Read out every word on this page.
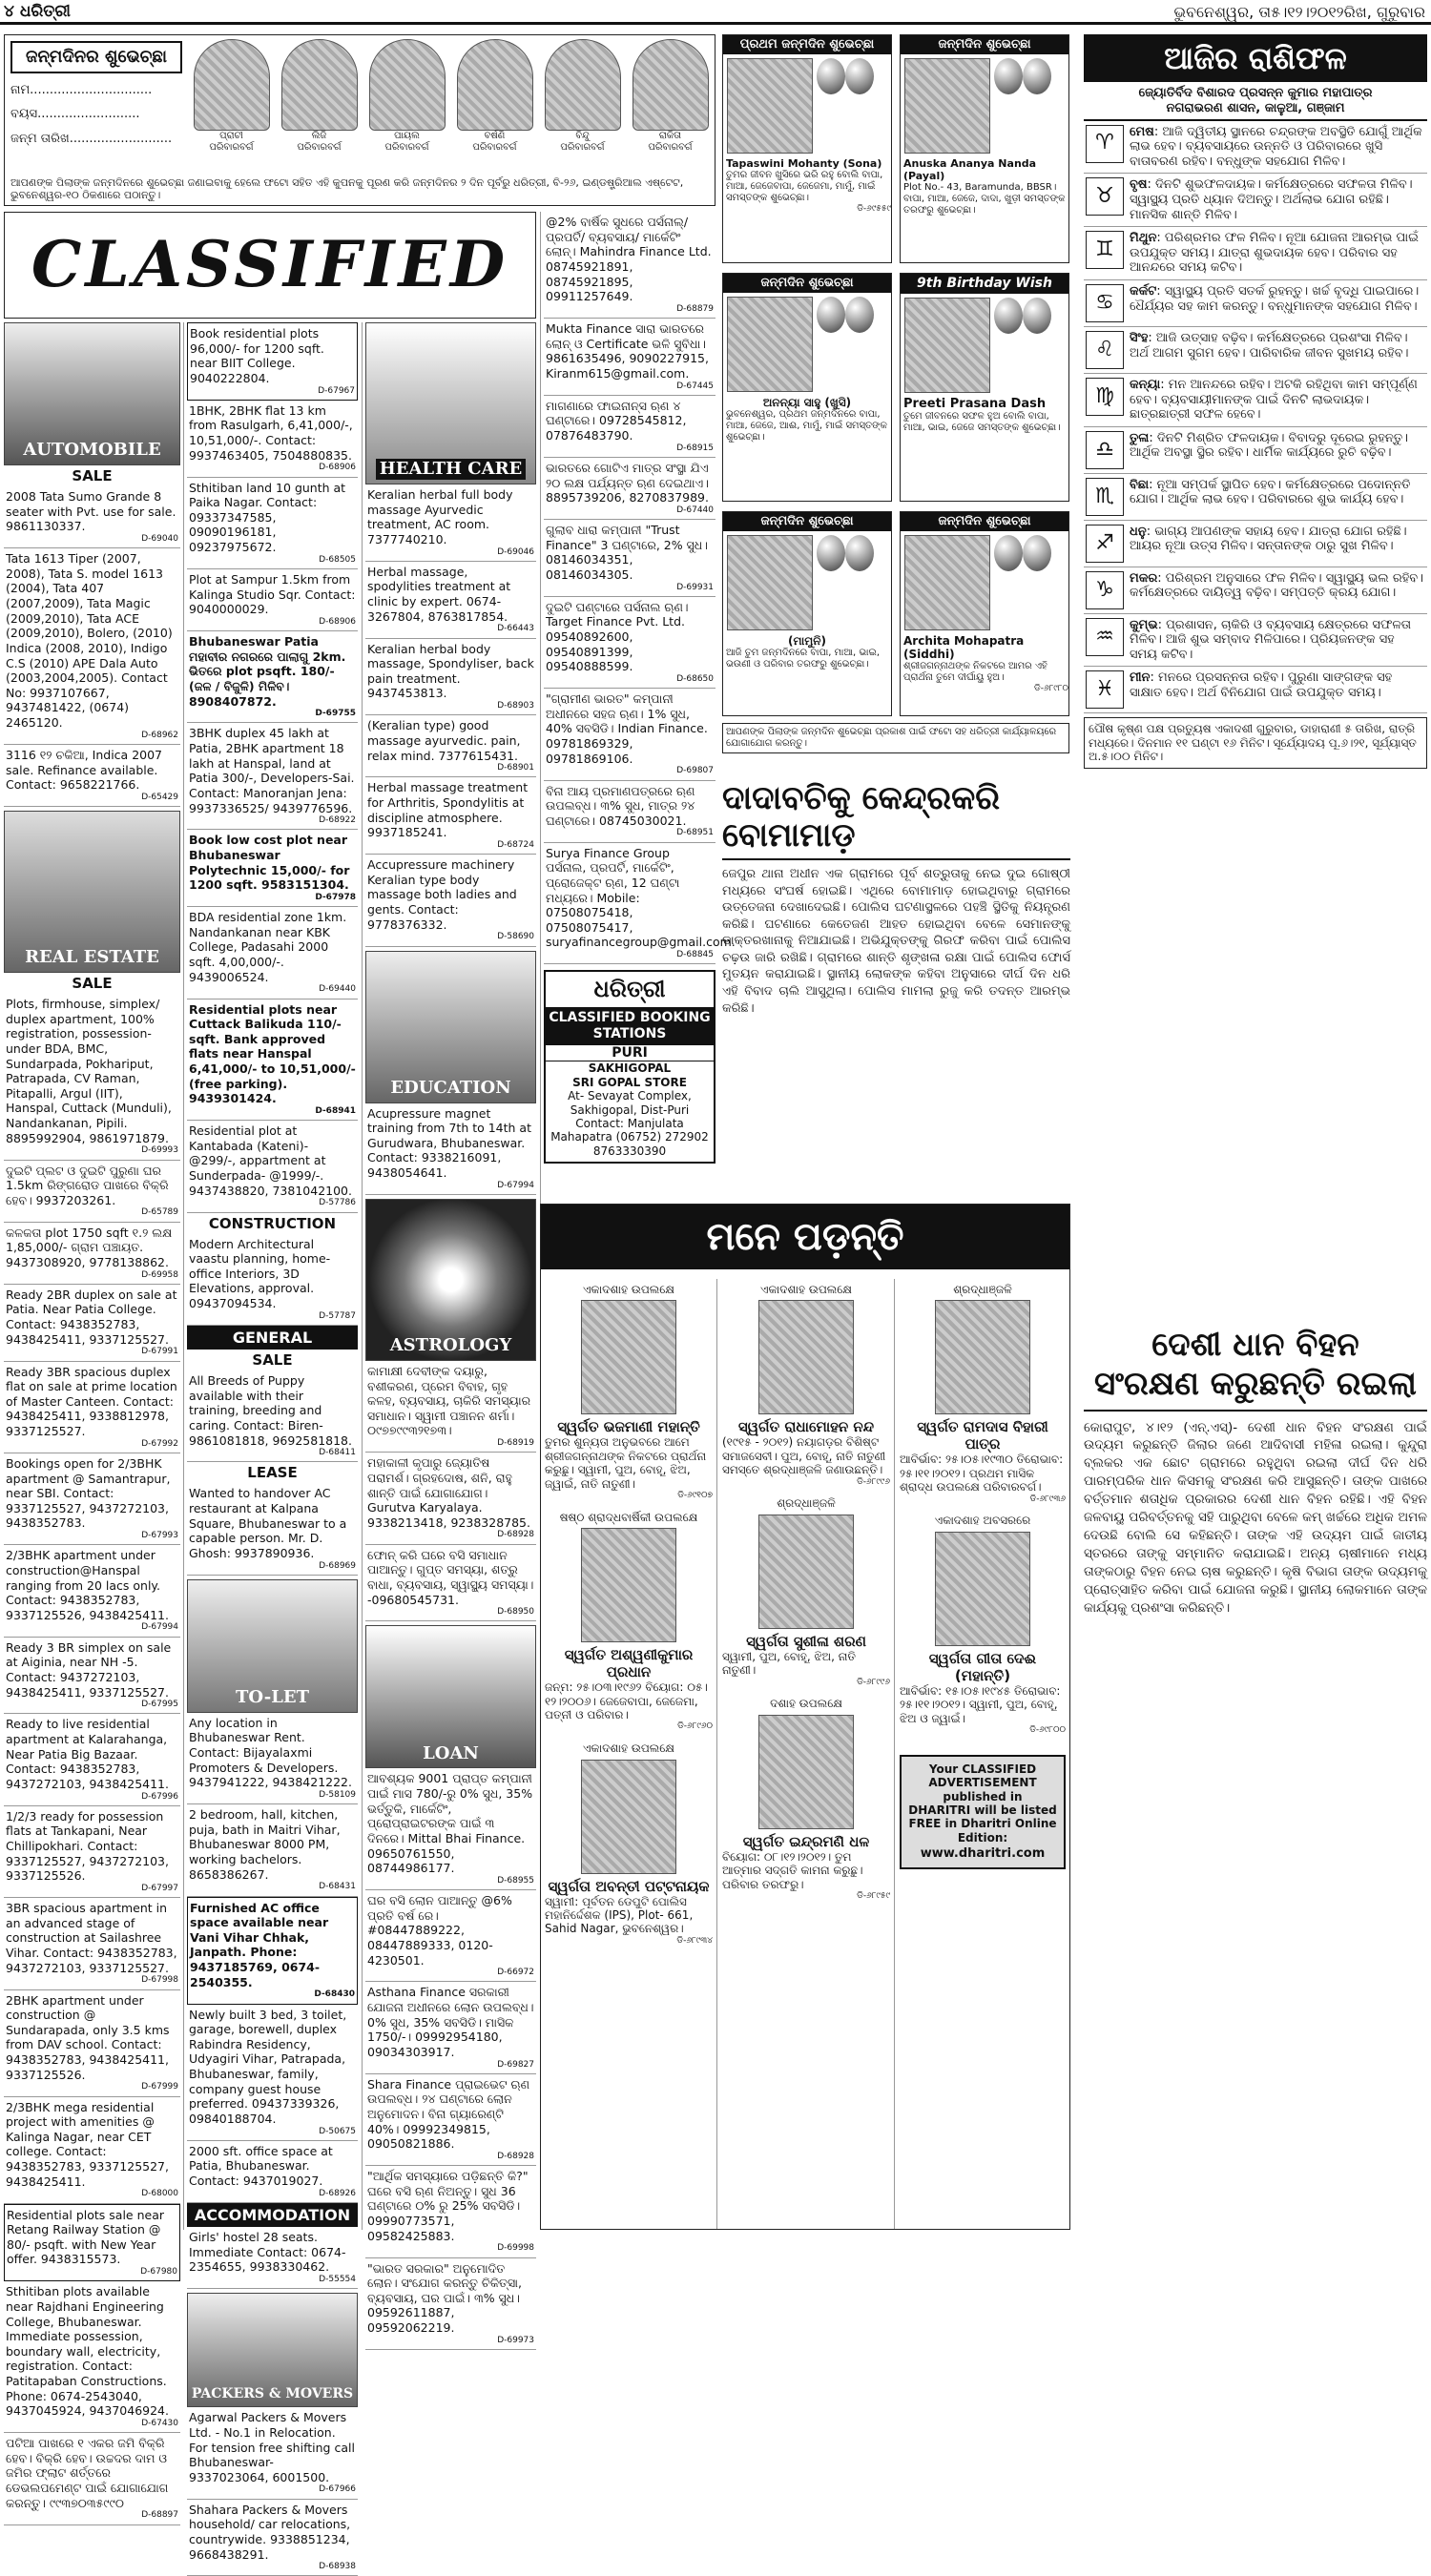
୪ ଧରିତ୍ରୀ	ଭୁବନେଶ୍ୱର, ତା୫।୧୨।୨୦୧୨ରିଖ, ଗୁରୁବାର
ଜନ୍ମଦିନର ଶୁଭେଚ୍ଛା
ନାମ...............................
ବୟସ..........................
ଜନ୍ମ ତାରିଖ..........................	ପ୍ରାଚୀ
ପରିବାରବର୍ଗ
ଲିଜି
ପରିବାରବର୍ଗ
ପାୟଲ
ପରିବାରବର୍ଗ
ବର୍ଷଣି
ପରିବାରବର୍ଗ
ବିନ୍ଦୁ
ପରିବାରବର୍ଗ
ରାକିତା
ପରିବାରବର୍ଗ
ଆପଣଙ୍କ ପିଲାଙ୍କ ଜନ୍ମଦିନରେ ଶୁଭେଚ୍ଛା ଜଣାଇବାକୁ ହେଲେ ଫଟୋ ସହିତ ଏହି କୁପନକୁ ପୂରଣ କରି ଜନ୍ମଦିନର ୨ ଦିନ ପୂର୍ବରୁ ଧରିତ୍ରୀ, ବି-୨୬, ଇଣ୍ଡଷ୍ଟ୍ରିଆଲ ଏଷ୍ଟେଟ, ଭୁବନେଶ୍ୱର-୧୦ ଠିକଣାରେ ପଠାନ୍ତୁ।
CLASSIFIED
AUTOMOBILE
SALE
2008 Tata Sumo Grande 8 seater with Pvt. use for sale. 9861130337.
D-69040
Tata 1613 Tiper (2007, 2008), Tata S. model 1613 (2004), Tata 407 (2007,2009), Tata Magic (2009,2010), Tata ACE (2009,2010), Bolero, (2010) Indica (2008, 2010), Indigo C.S (2010) APE Dala Auto (2003,2004,2005). Contact No: 9937107667, 9437481422, (0674) 2465120.
D-68962
3116 ୧୨ ଚକିଆ, Indica 2007 sale. Refinance available. Contact: 9658221766.
D-65429
REAL ESTATE
SALE
Plots, firmhouse, simplex/ duplex apartment, 100% registration, possession- under BDA, BMC, Sundarpada, Pokhariput, Patrapada, CV Raman, Pitapalli, Argul (IIT), Hanspal, Cuttack (Munduli), Nandankanan, Pipili. 8895992904, 9861971879.
D-69993
ଦୁଇଟି ପ୍ଲଟ ଓ ଦୁଇଟି ପୁରୁଣା ଘର 1.5km ରିଙ୍ଗରୋଡ ପାଖରେ ବିକ୍ରି ହେବ। 9937203261.
D-65789
କଳକତା plot 1750 sqft ୧.୨ ଲକ୍ଷ 1,85,000/- ଗ୍ରାମ ପଞ୍ଚାୟତ. 9437308920, 9778138862.
D-69958
Ready 2BR duplex on sale at Patia. Near Patia College. Contact: 9438352783, 9438425411, 9337125527.
D-67991
Ready 3BR spacious duplex flat on sale at prime location of Master Canteen. Contact: 9438425411, 9338812978, 9337125527.
D-67992
Bookings open for 2/3BHK apartment @ Samantrapur, near SBI. Contact: 9337125527, 9437272103, 9438352783.
D-67993
2/3BHK apartment under construction@Hanspal ranging from 20 lacs only. Contact: 9438352783, 9337125526, 9438425411.
D-67994
Ready 3 BR simplex on sale at Aiginia, near NH -5. Contact: 9437272103, 9438425411, 9337125527.
D-67995
Ready to live residential apartment at Kalarahanga, Near Patia Big Bazaar. Contact: 9438352783, 9437272103, 9438425411.
D-67996
1/2/3 ready for possession flats at Tankapani, Near Chillipokhari. Contact: 9337125527, 9437272103, 9337125526.
D-67997
3BR spacious apartment in an advanced stage of construction at Sailashree Vihar. Contact: 9438352783, 9437272103, 9337125527.
D-67998
2BHK apartment under construction @ Sundarapada, only 3.5 kms from DAV school. Contact: 9438352783, 9438425411, 9337125526.
D-67999
2/3BHK mega residential project with amenities @ Kalinga Nagar, near CET college. Contact: 9438352783, 9337125527, 9438425411.
D-68000
Residential plots sale near Retang Railway Station @ 80/- psqft. with New Year offer. 9438315573.
D-67980
Sthitiban plots available near Rajdhani Engineering College, Bhubaneswar. Immediate possession, boundary wall, electricity, registration. Contact: Patitapaban Constructions. Phone: 0674-2543040, 9437045924, 9437046924.
D-67430
ପଟିଆ ପାଖରେ ୧ ଏକର ଜମି ବିକ୍ରି ହେବ। ବିକ୍ରି ହେବ। ଉଚ୍ଚଦର ଦାମ ଓ ଜମିର ଫ୍ଲାଟ ଶର୍ତ୍ତରେ ଡେଭଲପମେଣ୍ଟ ପାଇଁ ଯୋଗାଯୋଗ କରନ୍ତୁ। ୯୯୩୭୦୩୫୯୯୦
D-68897
Book residential plots 96,000/- for 1200 sqft. near BIIT College. 9040222804.
D-67967
1BHK, 2BHK flat 13 km from Rasulgarh, 6,41,000/-, 10,51,000/-. Contact: 9937463405, 7504880835.
D-68906
Sthitiban land 10 gunth at Paika Nagar. Contact: 09337347585, 09090196181, 09237975672.
D-68505
Plot at Sampur 1.5km from Kalinga Studio Sqr. Contact: 9040000029.
D-68906
Bhubaneswar Patia ମହାବୀର ନଗରରେ ପାଲାଗୁ 2km. ଭିତରେ plot psqft. 180/- (ଜଳ / ବିଜୁଳି) ମିଳିବ। 8908407872.
D-69755
3BHK duplex 45 lakh at Patia, 2BHK apartment 18 lakh at Hanspal, land at Patia 300/-, Developers-Sai. Contact: Manoranjan Jena: 9937336525/ 9439776596.
D-68922
Book low cost plot near Bhubaneswar Polytechnic 15,000/- for 1200 sqft. 9583151304.
D-67978
BDA residential zone 1km. Nandankanan near KBK College, Padasahi 2000 sqft. 4,00,000/-. 9439006524.
D-69440
Residential plots near Cuttack Balikuda 110/- sqft. Bank approved flats near Hanspal 6,41,000/- to 10,51,000/- (free parking). 9439301424.
D-68941
Residential plot at Kantabada (Kateni)- @299/-, appartment at Sunderpada- @1999/-. 9437438820, 7381042100.
D-57786
CONSTRUCTION
Modern Architectural vaastu planning, home-office Interiors, 3D Elevations, approval. 09437094534.
D-57787
GENERAL
SALE
All Breeds of Puppy available with their training, breeding and caring. Contact: Biren-9861081818, 9692581818.
D-68411
LEASE
Wanted to handover AC restaurant at Kalpana Square, Bhubaneswar to a capable person. Mr. D. Ghosh: 9937890936.
D-68969
TO-LET
Any location in Bhubaneswar Rent. Contact: Bijayalaxmi Promoters & Developers. 9437941222, 9438421222.
D-58109
2 bedroom, hall, kitchen, puja, bath in Maitri Vihar, Bhubaneswar 8000 PM, working bachelors. 8658386267.
D-68431
Furnished AC office space available near Vani Vihar Chhak, Janpath. Phone: 9437185769, 0674-2540355.
D-68430
Newly built 3 bed, 3 toilet, garage, borewell, duplex Rabindra Residency, Udyagiri Vihar, Patrapada, Bhubaneswar, family, company guest house preferred. 09437339326, 09840188704.
D-50675
2000 sft. office space at Patia, Bhubaneswar. Contact: 9437019027.
D-68926
ACCOMMODATION
Girls' hostel 28 seats. Immediate Contact: 0674-2354655, 9938330462.
D-55554
PACKERS & MOVERS
Agarwal Packers & Movers Ltd. - No.1 in Relocation. For tension free shifting call Bhubaneswar- 9337023064, 6001500.
D-67966
Shahara Packers & Movers household/ car relocations, countrywide. 9338851234, 9668438291.
D-68938
HEALTH CARE
Keralian herbal full body massage Ayurvedic treatment, AC room. 7377740210.
D-69046
Herbal massage, spodylities treatment at clinic by expert. 0674-3267804, 8763817854.
D-66443
Keralian herbal body massage, Spondyliser, back pain treatment. 9437453813.
D-68903
(Keralian type) good massage ayurvedic. pain, relax mind. 7377615431.
D-68901
Herbal massage treatment for Arthritis, Spondylitis at discipline atmosphere. 9937185241.
D-68724
Accupressure machinery Keralian type body massage both ladies and gents. Contact: 9778376332.
D-58690
EDUCATION
Acupressure magnet training from 7th to 14th at Gurudwara, Bhubaneswar. Contact: 9338216091, 9438054641.
D-67994
ASTROLOGY
କାମାକ୍ଷୀ ଦେବୀଙ୍କ ଦୟାରୁ, ବଶୀକରଣ, ପ୍ରେମ ବିବାହ, ଗୃହ କଳହ, ବ୍ୟବସାୟ, ଚାକିରି ସମସ୍ୟାର ସମାଧାନ। ସ୍ୱାମୀ ପଞ୍ଚାନନ ଶର୍ମା। ୦୯୭୭୯୯୩୨୧୭୩।
D-68919
ମହାକାଳୀ କୃପାରୁ ଜ୍ୟୋତିଷ ପରାମର୍ଶ। ଗ୍ରହଦୋଷ, ଶନି, ରାହୁ ଶାନ୍ତି ପାଇଁ ଯୋଗାଯୋଗ। Gurutva Karyalaya. 9338213418, 9238328785.
D-68928
ଫୋନ୍ କରି ଘରେ ବସି ସମାଧାନ ପାଆନ୍ତୁ। ଗୁପ୍ତ ସମସ୍ୟା, ଶତ୍ରୁ ବାଧା, ବ୍ୟବସାୟ, ସ୍ୱାସ୍ଥ୍ୟ ସମସ୍ୟା। -09680545731.
D-68950
LOAN
ଆବଶ୍ୟକ 9001 ପ୍ରାପ୍ତ କମ୍ପାନୀ ପାଇଁ ମାସ 780/-ରୁ 0% ସୁଧ, 35% ଭର୍ତ୍ତୁକି, ମାର୍କେଟିଂ, ପ୍ରୋପ୍ରାଇଟରଙ୍କ ପାଇଁ ୩ ଦିନରେ। Mittal Bhai Finance. 09650761550, 08744986177.
D-68955
ଘର ବସି ଲୋନ ପାଆନ୍ତୁ @6% ପ୍ରତି ବର୍ଷ ରେ। #08447889222, 08447889333, 0120-4230501.
D-66972
Asthana Finance ସରକାରୀ ଯୋଜନା ଅଧୀନରେ ଲୋନ ଉପଲବ୍ଧ। 0% ସୁଧ, 35% ସବସିଡି। ମାସିକ 1750/-। 09992954180, 09034303917.
D-69827
Shara Finance ପ୍ରାଇଭେଟ ଋଣ ଉପଲବ୍ଧ। ୨୪ ଘଣ୍ଟାରେ ଲୋନ ଅନୁମୋଦନ। ବିନା ଗ୍ୟାରେଣ୍ଟି 40%। 09992349815, 09050821886.
D-68928
"ଆର୍ଥିକ ସମସ୍ୟାରେ ପଡ଼ିଛନ୍ତି କି?" ଘରେ ବସି ଋଣ ନିଅନ୍ତୁ। ସୁଧ 36 ଘଣ୍ଟାରେ ୦% ରୁ 25% ସବସିଡି। 09990773571, 09582425883.
D-69998
"ଭାରତ ସରକାର" ଅନୁମୋଦିତ ଲୋନ। ସଂଯୋଗ କରନ୍ତୁ ଚିକିତ୍ସା, ବ୍ୟବସାୟ, ଘର ପାଇଁ। ୩% ସୁଧ। 09592611887, 09592062219.
D-69973
@2% ବାର୍ଷିକ ସୁଧରେ ପର୍ସନାଲ୍/ ପ୍ରପର୍ଟି/ ବ୍ୟବସାୟ/ ମାର୍କେଟିଂ ଲୋନ୍। Mahindra Finance Ltd. 08745921891, 08745921895, 09911257649.
D-68879
Mukta Finance ସାରା ଭାରତରେ ଲୋନ୍ ଓ Certificate ଭଳି ସୁବିଧା। 9861635496, 9090227915, Kiranm615@gmail.com.
D-67445
ମାଗଣାରେ ଫାଇନାନ୍ସ ଋଣ ୪ ଘଣ୍ଟାରେ। 09728545812, 07876483790.
D-68915
ଭାରତରେ ଗୋଟିଏ ମାତ୍ର ସଂସ୍ଥା ଯିଏ ୨୦ ଲକ୍ଷ ପର୍ଯ୍ୟନ୍ତ ଋଣ ଦେଇଥାଏ। 8895739206, 8270837989.
D-67440
ଗୁଲାବ ଧାରା କମ୍ପାନୀ "Trust Finance" 3 ଘଣ୍ଟାରେ, 2% ସୁଧ। 08146034351, 08146034305.
D-69931
ଦୁଇଟି ଘଣ୍ଟାରେ ପର୍ସନାଲ ଋଣ। Target Finance Pvt. Ltd. 09540892600, 09540891399, 09540888599.
D-68650
"ଗ୍ରାମୀଣ ଭାରତ" କମ୍ପାନୀ ଅଧୀନରେ ସହଜ ଋଣ। 1% ସୁଧ, 40% ସବସିଡି। Indian Finance. 09781869329, 09781869106.
D-69807
ବିନା ଆୟ ପ୍ରମାଣପତ୍ରରେ ଋଣ ଉପଲବ୍ଧ। ୩% ସୁଧ, ମାତ୍ର ୨୪ ଘଣ୍ଟାରେ। 08745030021.
D-68951
Surya Finance Group ପର୍ସନାଲ, ପ୍ରପର୍ଟି, ମାର୍କେଟିଂ, ପ୍ରୋଜେକ୍ଟ ଋଣ, 12 ଘଣ୍ଟା ମଧ୍ୟରେ। Mobile: 07508075418, 07508075417, suryafinancegroup@gmail.com.
D-68845
ଧରିତ୍ରୀ
CLASSIFIED BOOKING STATIONS
PURI
SAKHIGOPAL
SRI GOPAL STORE
At- Sevayat Complex, Sakhigopal, Dist-Puri
Contact: Manjulata Mahapatra (06752) 272902
8763330390
ପ୍ରଥମ ଜନ୍ମଦିନ ଶୁଭେଚ୍ଛା
Tapaswini Mohanty (Sona)
ତୁମର ଜୀବନ ଖୁସିରେ ଭରି ରହୁ ବୋଲି ବାପା, ମାଆ, ଜେଜେବାପା, ଜେଜେମା, ମାମୁଁ, ମାଇଁ ସମସ୍ତଙ୍କ ଶୁଭେଚ୍ଛା।
ଡି-୬୯୫୫୯
ଜନ୍ମଦିନ ଶୁଭେଚ୍ଛା
Anuska Ananya Nanda (Payal)
Plot No.- 43, Baramunda, BBSR। ବାପା, ମାଆ, ଜେଜେ, ଦାଦା, ଖୁଡ଼ୀ ସମସ୍ତଙ୍କ ତରଫରୁ ଶୁଭେଚ୍ଛା।
ଜନ୍ମଦିନ ଶୁଭେଚ୍ଛା
ଅନନ୍ୟା ସାହୁ (ଖୁସି)
ଭୁବନେଶ୍ୱର, ପ୍ରଥମ ଜନ୍ମଦିନରେ ବାପା, ମାଆ, ଜେଜେ, ଆଈ, ମାମୁଁ, ମାଇଁ ସମସ୍ତଙ୍କ ଶୁଭେଚ୍ଛା।
9th Birthday Wish
Preeti Prasana Dash
ତୁମେ ଜୀବନରେ ସଫଳ ହୁଅ ବୋଲି ବାପା, ମାଆ, ଭାଇ, ଜେଜେ ସମସ୍ତଙ୍କ ଶୁଭେଚ୍ଛା।
ଜନ୍ମଦିନ ଶୁଭେଚ୍ଛା
(ମାମୁନି)
ଆଜି ତୁମ ଜନ୍ମଦିନରେ ବାପା, ମାଆ, ଭାଇ, ଭଉଣୀ ଓ ପରିବାର ତରଫରୁ ଶୁଭେଚ୍ଛା।
ଜନ୍ମଦିନ ଶୁଭେଚ୍ଛା
Archita Mohapatra (Siddhi)
ଶ୍ରୀଜଗନ୍ନାଥଙ୍କ ନିକଟରେ ଆମର ଏହି ପ୍ରାର୍ଥନା ତୁମେ ଦୀର୍ଘାୟୁ ହୁଅ।
ଡି-୬୮୯୮୦
ଆପଣଙ୍କ ପିଲାଙ୍କ ଜନ୍ମଦିନ ଶୁଭେଚ୍ଛା ପ୍ରକାଶ ପାଇଁ ଫଟୋ ସହ ଧରିତ୍ରୀ କାର୍ଯ୍ୟାଳୟରେ ଯୋଗାଯୋଗ କରନ୍ତୁ।
ଦାଦାବଚିକୁ କେନ୍ଦ୍ରକରି ବୋମାମାଡ଼
ଜେପୁର ଥାନା ଅଧୀନ ଏକ ଗ୍ରାମରେ ପୂର୍ବ ଶତ୍ରୁତାକୁ ନେଇ ଦୁଇ ଗୋଷ୍ଠୀ ମଧ୍ୟରେ ସଂଘର୍ଷ ହୋଇଛି। ଏଥିରେ ବୋମାମାଡ଼ ହୋଇଥିବାରୁ ଗ୍ରାମରେ ଉତ୍ତେଜନା ଦେଖାଦେଇଛି। ପୋଲିସ ଘଟଣାସ୍ଥଳରେ ପହଞ୍ଚି ସ୍ଥିତିକୁ ନିୟନ୍ତ୍ରଣ କରିଛି। ଘଟଣାରେ କେତେଜଣ ଆହତ ହୋଇଥିବା ବେଳେ ସେମାନଙ୍କୁ ଡାକ୍ତରଖାନାକୁ ନିଆଯାଇଛି। ଅଭିଯୁକ୍ତଙ୍କୁ ଗିରଫ କରିବା ପାଇଁ ପୋଲିସ ଚଢ଼ଉ ଜାରି ରଖିଛି। ଗ୍ରାମରେ ଶାନ୍ତି ଶୃଙ୍ଖଳା ରକ୍ଷା ପାଇଁ ପୋଲିସ ଫୋର୍ସ ମୁତୟନ କରାଯାଇଛି। ସ୍ଥାନୀୟ ଲୋକଙ୍କ କହିବା ଅନୁସାରେ ଦୀର୍ଘ ଦିନ ଧରି ଏହି ବିବାଦ ଚାଲି ଆସୁଥିଲା। ପୋଲିସ ମାମଲା ରୁଜୁ କରି ତଦନ୍ତ ଆରମ୍ଭ କରିଛି।
ମନେ ପଡ଼ନ୍ତି
ଏକାଦଶାହ ଉପଲକ୍ଷେ
ସ୍ୱର୍ଗତ ଭଜମାଣୀ ମହାନ୍ତି
ତୁମର ଶୁନ୍ୟତା ଅନୁଭବରେ ଆମେ ଶ୍ରୀଜଗନ୍ନାଥଙ୍କ ନିକଟରେ ପ୍ରାର୍ଥନା କରୁଛୁ। ସ୍ୱାମୀ, ପୁଅ, ବୋହୂ, ଝିଅ, ଜ୍ୱାଇଁ, ନାତି ନାତୁଣୀ।
ଡି-୬୯୧୦୭
ଷଷ୍ଠ ଶ୍ରାଦ୍ଧବାର୍ଷିକୀ ଉପଲକ୍ଷେ
ସ୍ୱର୍ଗତ ଅଶ୍ୱଣୀକୁମାର ପ୍ରଧାନ
ଜନ୍ମ: ୨୫।୦୩।୧୯୬୨ ବିୟୋଗ: ୦୫।୧୨।୨୦୦୬। ଜେଜେବାପା, ଜେଜେମା, ପତ୍ନୀ ଓ ପରିବାର।
ଡି-୬୮୯୬୦
ଏକାଦଶାହ ଉପଲକ୍ଷେ
ସ୍ୱର୍ଗତା ଅବନ୍ତୀ ପଟ୍ଟନାୟକ
ସ୍ୱାମୀ: ପୂର୍ବତନ ଡେପୁଟି ପୋଲିସ ମହାନିର୍ଦ୍ଦେଶକ (IPS), Plot- 661, Sahid Nagar, ଭୁବନେଶ୍ୱର।
ଡି-୬୮୯୩୪
ଏକାଦଶାହ ଉପଲକ୍ଷେ
ସ୍ୱର୍ଗତ ରାଧାମୋହନ ନନ୍ଦ
(୧୯୧୫ - ୨୦୧୨) ନୟାଗଡ଼ର ବିଶିଷ୍ଟ ସମାଜସେବୀ। ପୁଅ, ବୋହୂ, ନାତି ନାତୁଣୀ ସମସ୍ତେ ଶ୍ରଦ୍ଧାଞ୍ଜଳି ଜଣାଉଛନ୍ତି।
ଡି-୬୮୯୯୬
ଶ୍ରଦ୍ଧାଞ୍ଜଳି
ସ୍ୱର୍ଗତା ସୁଶୀଳା ଶରଣ
ସ୍ୱାମୀ, ପୁଅ, ବୋହୂ, ଝିଅ, ନାତି ନାତୁଣୀ।
ଡି-୬୮୯୯୬
ଦଶାହ ଉପଲକ୍ଷେ
ସ୍ୱର୍ଗତ ଇନ୍ଦ୍ରମଣି ଧଳ
ବିୟୋଗ: ୦୮।୧୨।୨୦୧୨। ତୁମ ଆତ୍ମାର ସଦ୍‌ଗତି କାମନା କରୁଛୁ। ପରିବାର ତରଫରୁ।
ଡି-୬୮୯୫୯
ଶ୍ରଦ୍ଧାଞ୍ଜଳି
ସ୍ୱର୍ଗତ ରାମଦାସ ବିହାରୀ ପାତ୍ର
ଆବିର୍ଭାବ: ୨୫।୦୫।୧୯୩୦ ତିରୋଭାବ: ୨୫।୧୧।୨୦୧୨। ପ୍ରଥମ ମାସିକ ଶ୍ରାଦ୍ଧ ଉପଲକ୍ଷେ ପରିବାରବର୍ଗ।
ଡି-୬୮୯୩୬
ଏକାଦଶାହ ଅବସରରେ
ସ୍ୱର୍ଗତା ଗୀତା ଦେଈ (ମହାନ୍ତି)
ଆବିର୍ଭାବ: ୧୫।୦୫।୧୯୪୫ ତିରୋଭାବ: ୨୫।୧୧।୨୦୧୨। ସ୍ୱାମୀ, ପୁଅ, ବୋହୂ, ଝିଅ ଓ ଜ୍ୱାଇଁ।
ଡି-୬୯୮୦୦
Your CLASSIFIED ADVERTISEMENT published in
DHARITRI will be listed FREE in Dharitri Online Edition:
www.dharitri.com
ଆଜିର ରାଶିଫଳ
ଜ୍ୟୋତିର୍ବିଦ ବିଶାରଦ ପ୍ରସନ୍ନ କୁମାର ମହାପାତ୍ର
ନଗରାଭରଣ ଶାସନ, କାଳୁଆ, ଗଞ୍ଜାମ
♈	ମେଷ: ଆଜି ଦ୍ୱିତୀୟ ସ୍ଥାନରେ ଚନ୍ଦ୍ରଙ୍କ ଅବସ୍ଥିତି ଯୋଗୁଁ ଆର୍ଥିକ ଲାଭ ହେବ। ବ୍ୟବସାୟରେ ଉନ୍ନତି ଓ ପରିବାରରେ ଖୁସି ବାତାବରଣ ରହିବ। ବନ୍ଧୁଙ୍କ ସହଯୋଗ ମିଳିବ।
♉	ବୃଷ: ଦିନଟି ଶୁଭଫଳଦାୟକ। କର୍ମକ୍ଷେତ୍ରରେ ସଫଳତା ମିଳିବ। ସ୍ୱାସ୍ଥ୍ୟ ପ୍ରତି ଧ୍ୟାନ ଦିଅନ୍ତୁ। ଅର୍ଥଲାଭ ଯୋଗ ରହିଛି। ମାନସିକ ଶାନ୍ତି ମିଳିବ।
♊	ମିଥୁନ: ପରିଶ୍ରମର ଫଳ ମିଳିବ। ନୂଆ ଯୋଜନା ଆରମ୍ଭ ପାଇଁ ଉପଯୁକ୍ତ ସମୟ। ଯାତ୍ରା ଶୁଭଦାୟକ ହେବ। ପରିବାର ସହ ଆନନ୍ଦରେ ସମୟ କଟିବ।
♋	କର୍କଟ: ସ୍ୱାସ୍ଥ୍ୟ ପ୍ରତି ସତର୍କ ରୁହନ୍ତୁ। ଖର୍ଚ୍ଚ ବୃଦ୍ଧି ପାଇପାରେ। ଧୈର୍ଯ୍ୟର ସହ କାମ କରନ୍ତୁ। ବନ୍ଧୁମାନଙ୍କ ସହଯୋଗ ମିଳିବ।
♌	ସିଂହ: ଆଜି ଉତ୍ସାହ ବଢ଼ିବ। କର୍ମକ୍ଷେତ୍ରରେ ପ୍ରଶଂସା ମିଳିବ। ଅର୍ଥ ଆଗମ ସୁଗମ ହେବ। ପାରିବାରିକ ଜୀବନ ସୁଖମୟ ରହିବ।
♍	କନ୍ୟା: ମନ ଆନନ୍ଦରେ ରହିବ। ଅଟକି ରହିଥିବା କାମ ସମ୍ପୂର୍ଣ୍ଣ ହେବ। ବ୍ୟବସାୟୀମାନଙ୍କ ପାଇଁ ଦିନଟି ଲାଭଦାୟକ। ଛାତ୍ରଛାତ୍ରୀ ସଫଳ ହେବେ।
♎	ତୁଳା: ଦିନଟି ମିଶ୍ରିତ ଫଳଦାୟକ। ବିବାଦରୁ ଦୂରେଇ ରୁହନ୍ତୁ। ଆର୍ଥିକ ଅବସ୍ଥା ସ୍ଥିର ରହିବ। ଧାର୍ମିକ କାର୍ଯ୍ୟରେ ରୁଚି ବଢ଼ିବ।
♏	ବିଛା: ନୂଆ ସମ୍ପର୍କ ସ୍ଥାପିତ ହେବ। କର୍ମକ୍ଷେତ୍ରରେ ପଦୋନ୍ନତି ଯୋଗ। ଆର୍ଥିକ ଲାଭ ହେବ। ପରିବାରରେ ଶୁଭ କାର୍ଯ୍ୟ ହେବ।
♐	ଧନୁ: ଭାଗ୍ୟ ଆପଣଙ୍କ ସହାୟ ହେବ। ଯାତ୍ରା ଯୋଗ ରହିଛି। ଆୟର ନୂଆ ଉତ୍ସ ମିଳିବ। ସନ୍ତାନଙ୍କ ଠାରୁ ସୁଖ ମିଳିବ।
♑	ମକର: ପରିଶ୍ରମ ଅନୁସାରେ ଫଳ ମିଳିବ। ସ୍ୱାସ୍ଥ୍ୟ ଭଲ ରହିବ। କର୍ମକ୍ଷେତ୍ରରେ ଦାୟିତ୍ୱ ବଢ଼ିବ। ସମ୍ପତ୍ତି କ୍ରୟ ଯୋଗ।
♒	କୁମ୍ଭ: ପ୍ରଶାସନ, ଚାକିରି ଓ ବ୍ୟବସାୟ କ୍ଷେତ୍ରରେ ସଫଳତା ମିଳିବ। ଆଜି ଶୁଭ ସମ୍ବାଦ ମିଳିପାରେ। ପ୍ରିୟଜନଙ୍କ ସହ ସମୟ କଟିବ।
♓	ମୀନ: ମନରେ ପ୍ରସନ୍ନତା ରହିବ। ପୁରୁଣା ସାଙ୍ଗଙ୍କ ସହ ସାକ୍ଷାତ ହେବ। ଅର୍ଥ ବିନିଯୋଗ ପାଇଁ ଉପଯୁକ୍ତ ସମୟ।
ପୌଷ କୃଷ୍ଣ ପକ୍ଷ ପ୍ରତ୍ୟୁଷ ଏକାଦଶୀ ଗୁରୁବାର, ଡାହାରାଣୀ ୫ ତାରିଖ, ରାତ୍ରି ମଧ୍ୟରେ। ଦିନମାନ ୧୧ ଘଣ୍ଟା ୧୬ ମିନିଟ। ସୂର୍ଯ୍ୟୋଦୟ ପୂ.୬।୨୧, ସୂର୍ଯ୍ୟାସ୍ତ ଅ.୫।୦୦ ମିନିଟ।
ଦେଶୀ ଧାନ ବିହନ
ସଂରକ୍ଷଣ କରୁଛନ୍ତି ରଇଲା
କୋରାପୁଟ, ୪।୧୨ (ଏନ୍.ଏସ୍)- ଦେଶୀ ଧାନ ବିହନ ସଂରକ୍ଷଣ ପାଇଁ ଉଦ୍ୟମ କରୁଛନ୍ତି ଜିଲାର ଜଣେ ଆଦିବାସୀ ମହିଳା ରଇଲା। କୁନ୍ଦୁରା ବ୍ଲକର ଏକ ଛୋଟ ଗ୍ରାମରେ ରହୁଥିବା ରଇଲା ଦୀର୍ଘ ଦିନ ଧରି ପାରମ୍ପରିକ ଧାନ କିସମକୁ ସଂରକ୍ଷଣ କରି ଆସୁଛନ୍ତି। ତାଙ୍କ ପାଖରେ ବର୍ତ୍ତମାନ ଶତାଧିକ ପ୍ରକାରର ଦେଶୀ ଧାନ ବିହନ ରହିଛି। ଏହି ବିହନ ଜଳବାୟୁ ପରିବର୍ତ୍ତନକୁ ସହି ପାରୁଥିବା ବେଳେ କମ୍ ଖର୍ଚ୍ଚରେ ଅଧିକ ଅମଳ ଦେଉଛି ବୋଲି ସେ କହିଛନ୍ତି। ତାଙ୍କ ଏହି ଉଦ୍ୟମ ପାଇଁ ଜାତୀୟ ସ୍ତରରେ ତାଙ୍କୁ ସମ୍ମାନିତ କରାଯାଇଛି। ଅନ୍ୟ ଚାଷୀମାନେ ମଧ୍ୟ ତାଙ୍କଠାରୁ ବିହନ ନେଇ ଚାଷ କରୁଛନ୍ତି। କୃଷି ବିଭାଗ ତାଙ୍କ ଉଦ୍ୟମକୁ ପ୍ରୋତ୍ସାହିତ କରିବା ପାଇଁ ଯୋଜନା କରୁଛି। ସ୍ଥାନୀୟ ଲୋକମାନେ ତାଙ୍କ କାର୍ଯ୍ୟକୁ ପ୍ରଶଂସା କରିଛନ୍ତି।
